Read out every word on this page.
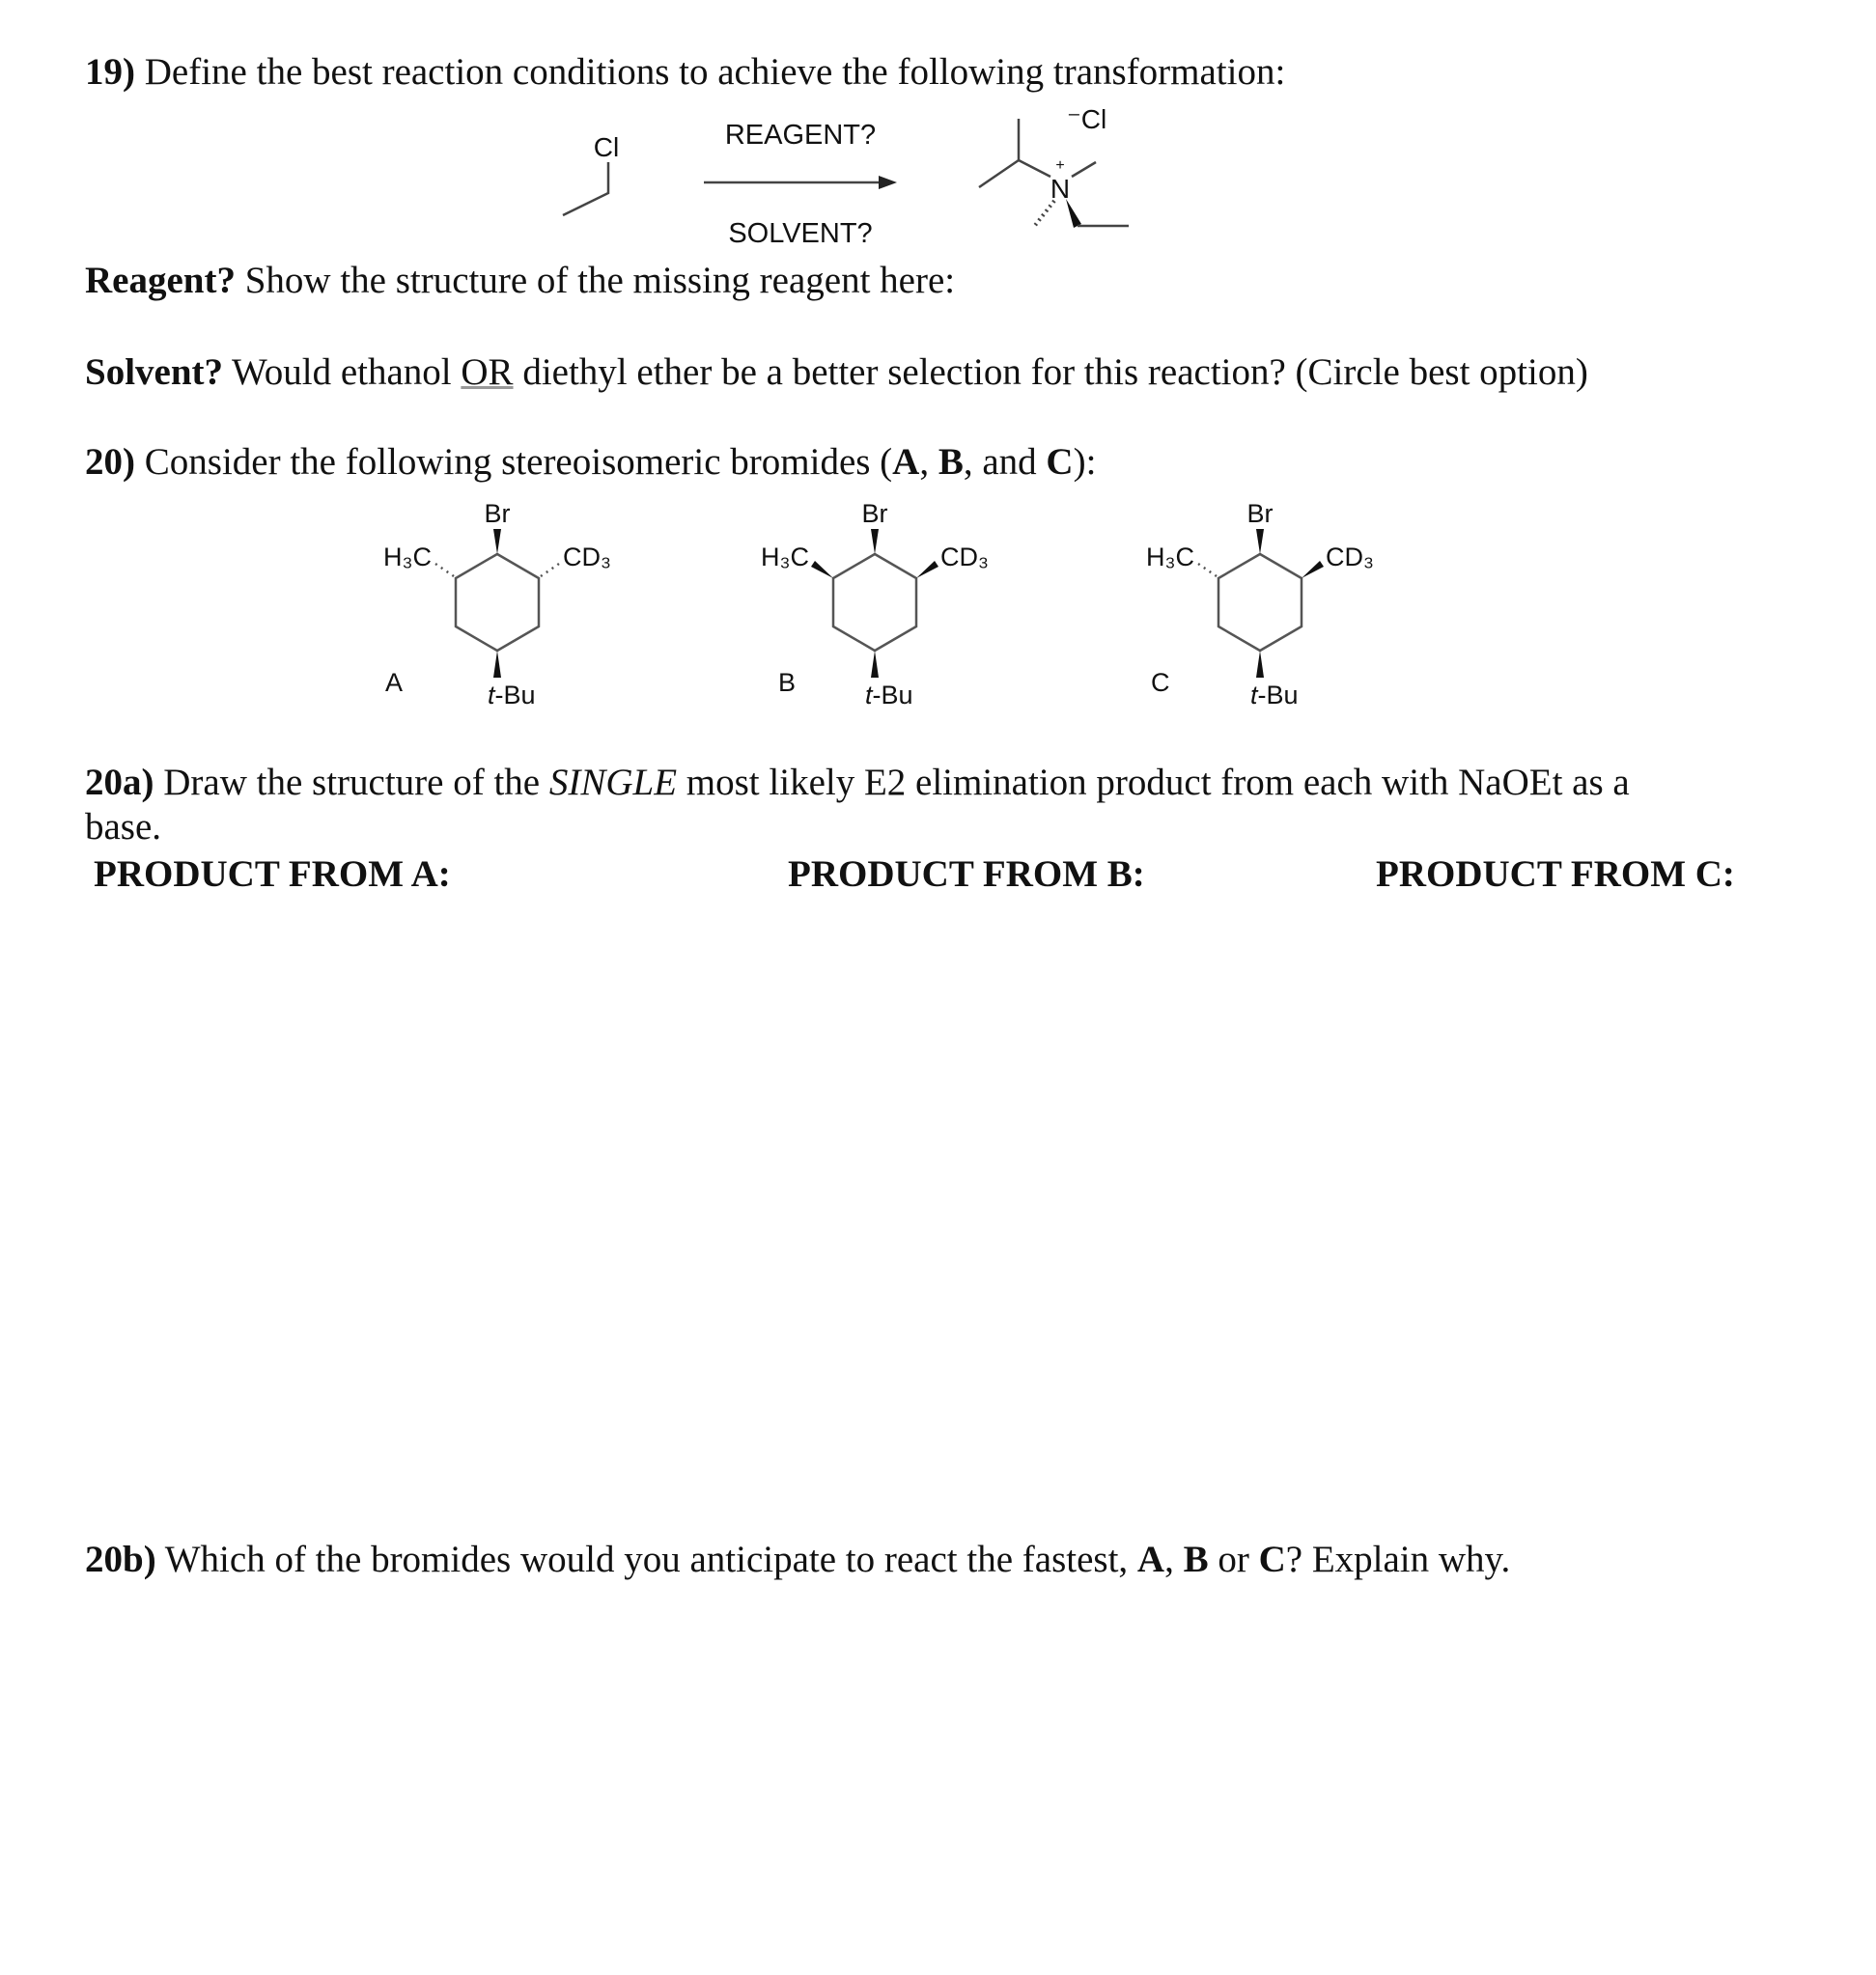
19) Define the best reaction conditions to achieve the following transformation:
Cl	REAGENT?
SOLVENT?
N
+
⁻Cl
Br
H₃C	CD₃
t-Bu
A
Br
H₃C	CD₃
t-Bu
B
Br
H₃C	CD₃
t-Bu
C
Reagent? Show the structure of the missing reagent here:
Solvent? Would ethanol OR diethyl ether be a better selection for this reaction? (Circle best option)
20) Consider the following stereoisomeric bromides (A, B, and C):
20a) Draw the structure of the SINGLE most likely E2 elimination product from each with NaOEt as a
base.
PRODUCT FROM A:	PRODUCT FROM B:	PRODUCT FROM C:
20b) Which of the bromides would you anticipate to react the fastest, A, B or C? Explain why.
